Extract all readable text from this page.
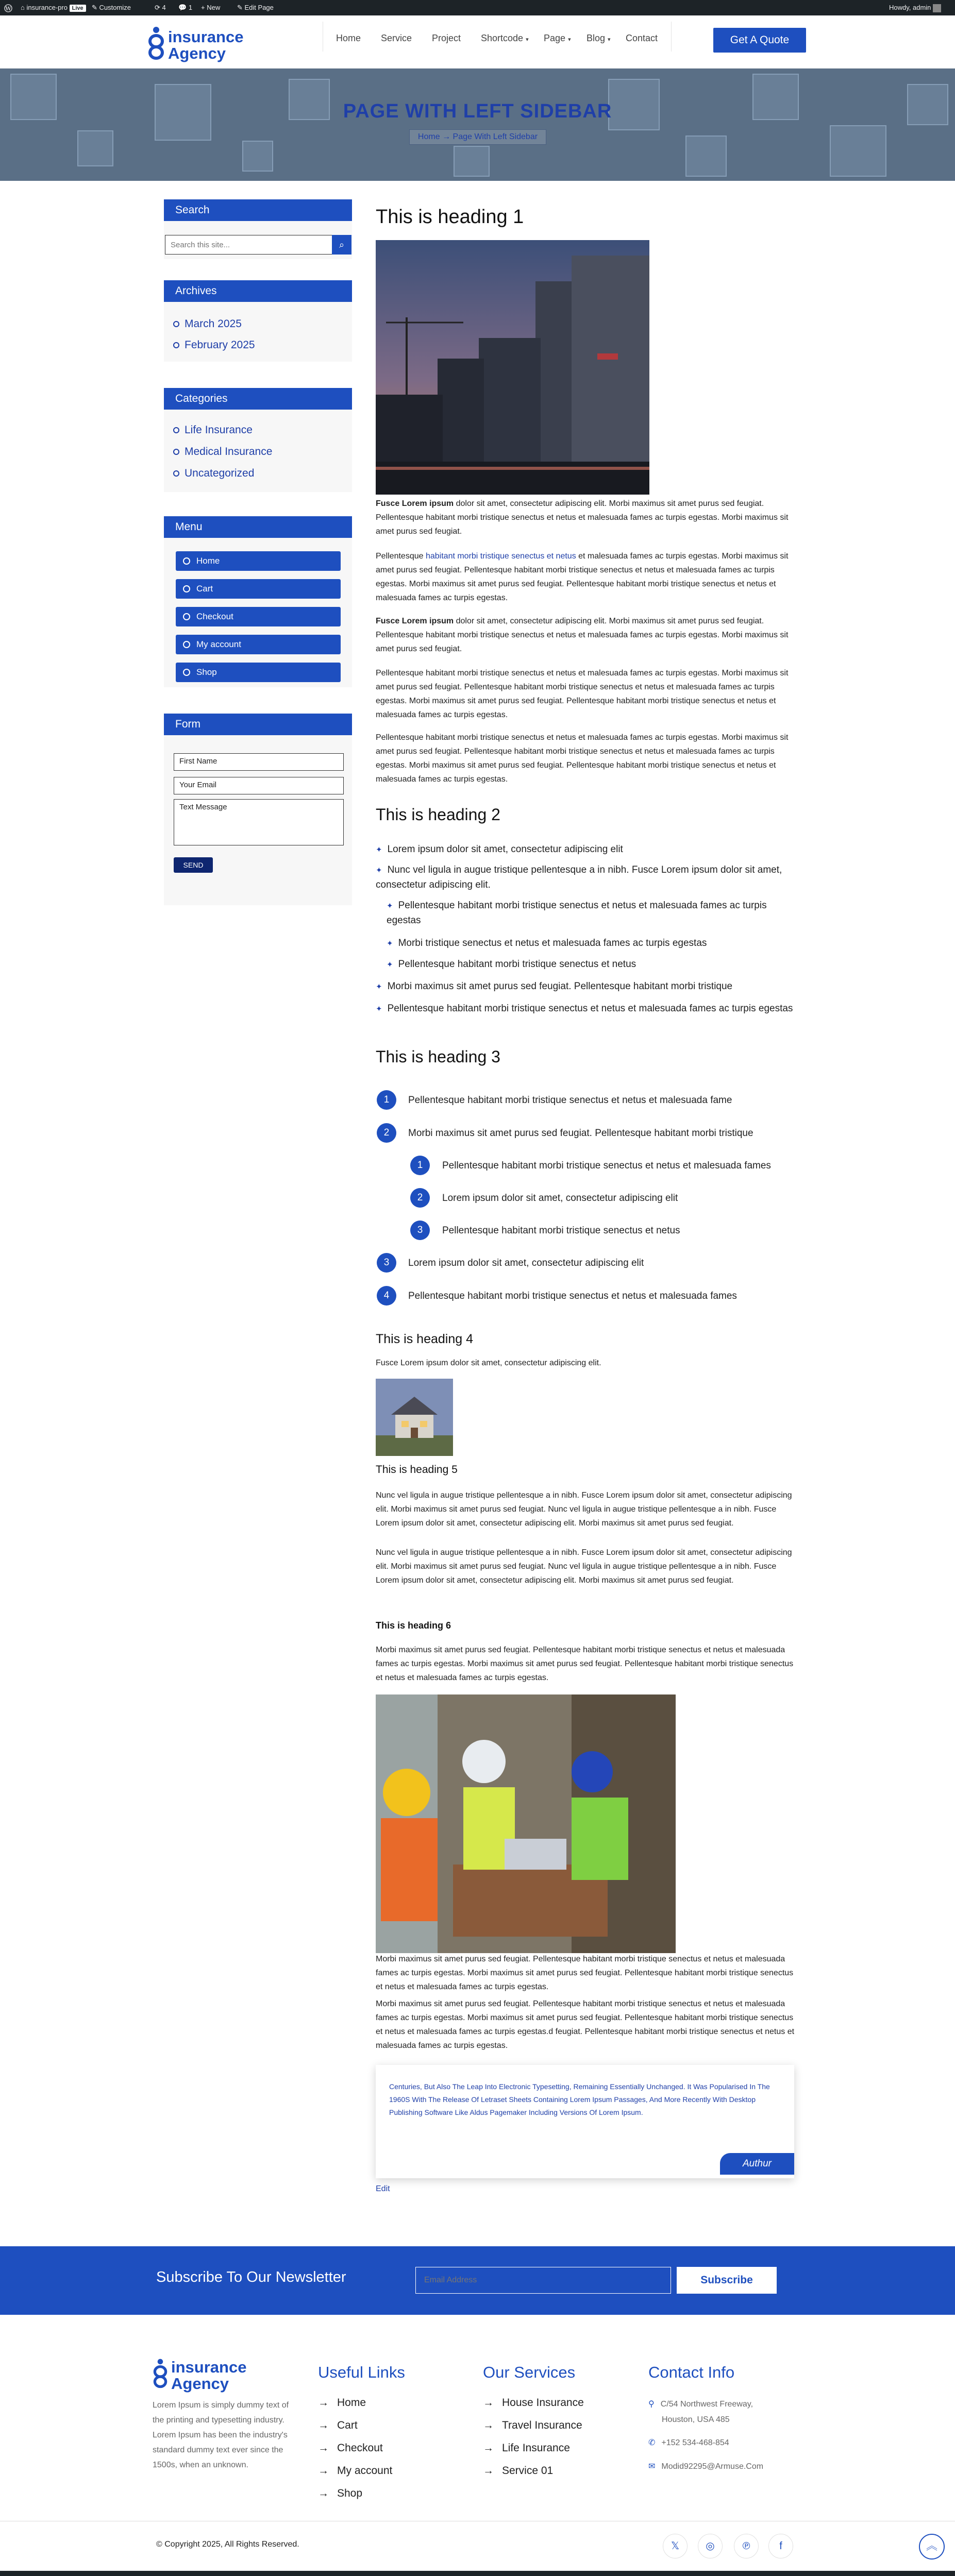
W ⌂ insurance-pro Live	✎ Customize	⟳ 4 💬 1 + New	✎ Edit Page	Howdy, admin
insurance
Agency
Home Service Project Shortcode ▾ Page ▾ Blog ▾ Contact	Get A Quote
PAGE WITH LEFT SIDEBAR
Home → Page With Left Sidebar
Search
Search this site...
⌕
Archives
March 2025
February 2025
Categories
Life Insurance
Medical Insurance
Uncategorized
Menu
Home
Cart
Checkout
My account
Shop
Form
First Name
Your Email
Text Message
SEND
This is heading 1
Fusce Lorem ipsum dolor sit amet, consectetur adipiscing elit. Morbi maximus sit amet purus sed feugiat. Pellentesque habitant morbi tristique senectus et netus et malesuada fames ac turpis egestas. Morbi maximus sit amet purus sed feugiat.
Pellentesque habitant morbi tristique senectus et netus et malesuada fames ac turpis egestas. Morbi maximus sit amet purus sed feugiat. Pellentesque habitant morbi tristique senectus et netus et malesuada fames ac turpis egestas. Morbi maximus sit amet purus sed feugiat. Pellentesque habitant morbi tristique senectus et netus et malesuada fames ac turpis egestas.
Fusce Lorem ipsum dolor sit amet, consectetur adipiscing elit. Morbi maximus sit amet purus sed feugiat. Pellentesque habitant morbi tristique senectus et netus et malesuada fames ac turpis egestas. Morbi maximus sit amet purus sed feugiat.
Pellentesque habitant morbi tristique senectus et netus et malesuada fames ac turpis egestas. Morbi maximus sit amet purus sed feugiat. Pellentesque habitant morbi tristique senectus et netus et malesuada fames ac turpis egestas. Morbi maximus sit amet purus sed feugiat. Pellentesque habitant morbi tristique senectus et netus et malesuada fames ac turpis egestas.
Pellentesque habitant morbi tristique senectus et netus et malesuada fames ac turpis egestas. Morbi maximus sit amet purus sed feugiat. Pellentesque habitant morbi tristique senectus et netus et malesuada fames ac turpis egestas. Morbi maximus sit amet purus sed feugiat. Pellentesque habitant morbi tristique senectus et netus et malesuada fames ac turpis egestas.
This is heading 2
✦ Lorem ipsum dolor sit amet, consectetur adipiscing elit
✦ Nunc vel ligula in augue tristique pellentesque a in nibh. Fusce Lorem ipsum dolor sit amet, consectetur adipiscing elit.
✦ Pellentesque habitant morbi tristique senectus et netus et malesuada fames ac turpis egestas
✦ Morbi tristique senectus et netus et malesuada fames ac turpis egestas
✦ Pellentesque habitant morbi tristique senectus et netus
✦ Morbi maximus sit amet purus sed feugiat. Pellentesque habitant morbi tristique
✦ Pellentesque habitant morbi tristique senectus et netus et malesuada fames ac turpis egestas
This is heading 3
1	Pellentesque habitant morbi tristique senectus et netus et malesuada fame
2	Morbi maximus sit amet purus sed feugiat. Pellentesque habitant morbi tristique
1	Pellentesque habitant morbi tristique senectus et netus et malesuada fames
2	Lorem ipsum dolor sit amet, consectetur adipiscing elit
3	Pellentesque habitant morbi tristique senectus et netus
3	Lorem ipsum dolor sit amet, consectetur adipiscing elit
4	Pellentesque habitant morbi tristique senectus et netus et malesuada fames
This is heading 4
Fusce Lorem ipsum dolor sit amet, consectetur adipiscing elit.
This is heading 5
Nunc vel ligula in augue tristique pellentesque a in nibh. Fusce Lorem ipsum dolor sit amet, consectetur adipiscing elit. Morbi maximus sit amet purus sed feugiat. Nunc vel ligula in augue tristique pellentesque a in nibh. Fusce Lorem ipsum dolor sit amet, consectetur adipiscing elit. Morbi maximus sit amet purus sed feugiat.
Nunc vel ligula in augue tristique pellentesque a in nibh. Fusce Lorem ipsum dolor sit amet, consectetur adipiscing elit. Morbi maximus sit amet purus sed feugiat. Nunc vel ligula in augue tristique pellentesque a in nibh. Fusce Lorem ipsum dolor sit amet, consectetur adipiscing elit. Morbi maximus sit amet purus sed feugiat.
This is heading 6
Morbi maximus sit amet purus sed feugiat. Pellentesque habitant morbi tristique senectus et netus et malesuada fames ac turpis egestas. Morbi maximus sit amet purus sed feugiat. Pellentesque habitant morbi tristique senectus et netus et malesuada fames ac turpis egestas.
Morbi maximus sit amet purus sed feugiat. Pellentesque habitant morbi tristique senectus et netus et malesuada fames ac turpis egestas. Morbi maximus sit amet purus sed feugiat. Pellentesque habitant morbi tristique senectus et netus et malesuada fames ac turpis egestas.
Morbi maximus sit amet purus sed feugiat. Pellentesque habitant morbi tristique senectus et netus et malesuada fames ac turpis egestas. Morbi maximus sit amet purus sed feugiat. Pellentesque habitant morbi tristique senectus et netus et malesuada fames ac turpis egestas.d feugiat. Pellentesque habitant morbi tristique senectus et netus et malesuada fames ac turpis egestas.
Centuries, But Also The Leap Into Electronic Typesetting, Remaining Essentially Unchanged. It Was Popularised In The 1960S With The Release Of Letraset Sheets Containing Lorem Ipsum Passages, And More Recently With Desktop Publishing Software Like Aldus Pagemaker Including Versions Of Lorem Ipsum.
Authur
Edit
Subscribe To Our Newsletter
Email Address	Subscribe
insurance
Agency
Lorem Ipsum is simply dummy text of the printing and typesetting industry. Lorem Ipsum has been the industry's standard dummy text ever since the 1500s, when an unknown.
Useful Links
→ Home
→ Cart
→ Checkout
→ My account
→ Shop
Our Services
→ House Insurance
→ Travel Insurance
→ Life Insurance
→ Service 01
Contact Info
⚲ C/54 Northwest Freeway,
Houston, USA 485
✆ +152 534-468-854
✉ Modid92295@Armuse.Com
© Copyright 2025, All Rights Reserved.	𝕏	◎	℗	f	︽
